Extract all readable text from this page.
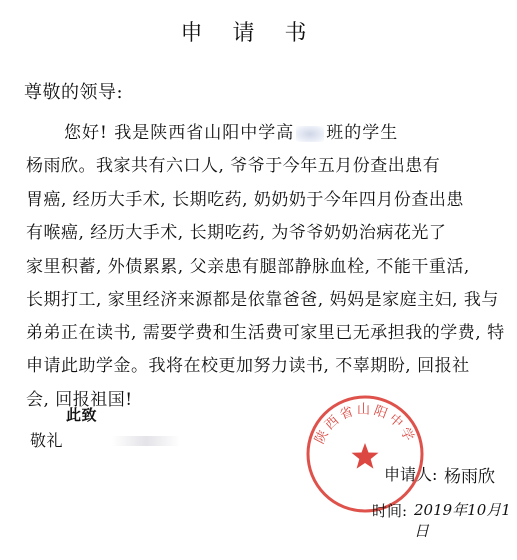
申请书
尊敬的领导:
您好! 我是陕西省山阳中学高 班的学生
杨雨欣。我家共有六口人, 爷爷于今年五月份查出患有
胃癌, 经历大手术, 长期吃药, 奶奶奶于今年四月份查出患
有喉癌, 经历大手术, 长期吃药, 为爷爷奶奶治病花光了
家里积蓄, 外债累累, 父亲患有腿部静脉血栓, 不能干重活,
长期打工, 家里经济来源都是依靠爸爸, 妈妈是家庭主妇, 我与
弟弟正在读书, 需要学费和生活费可家里已无承担我的学费, 特
申请此助学金。我将在校更加努力读书, 不辜期盼, 回报社
会, 回报祖国!
此致
敬礼	陕西省山阳中学
申请人: 杨雨欣
时间: 2019年10月1日
